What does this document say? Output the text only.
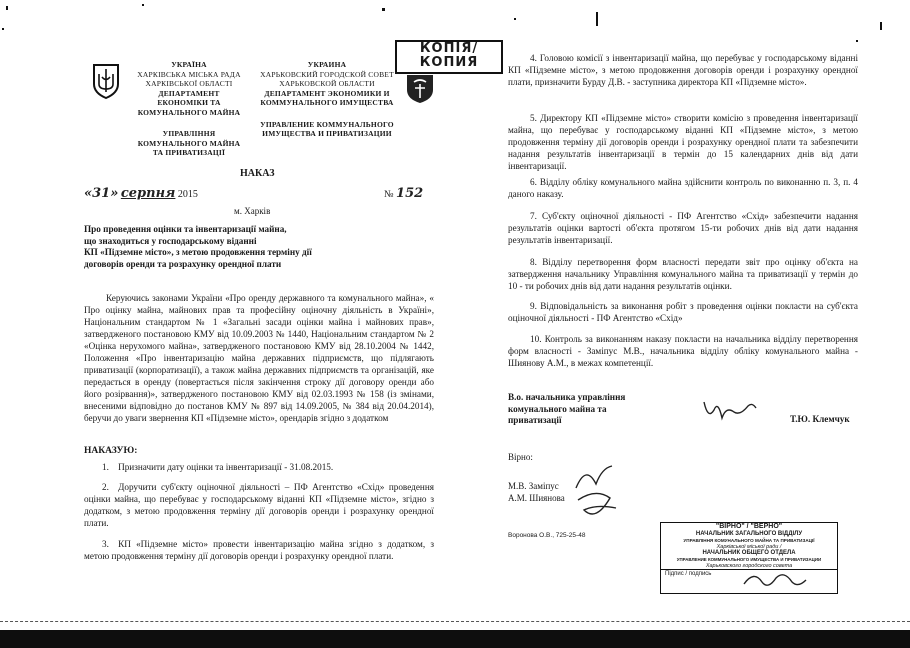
УКРАЇНА
ХАРКІВСЬКА МІСЬКА РАДА
ХАРКІВСЬКОЇ ОБЛАСТІ
ДЕПАРТАМЕНТ
ЕКОНОМІКИ ТА
КОМУНАЛЬНОГО МАЙНА
УПРАВЛІННЯ
КОМУНАЛЬНОГО МАЙНА
ТА ПРИВАТИЗАЦІЇ
УКРАИНА
ХАРЬКОВСКИЙ ГОРОДСКОЙ СОВЕТ
ХАРЬКОВСКОЙ ОБЛАСТИ
ДЕПАРТАМЕНТ ЭКОНОМИКИ И
КОММУНАЛЬНОГО ИМУЩЕСТВА
УПРАВЛЕНИЕ КОММУНАЛЬНОГО
ИМУЩЕСТВА И ПРИВАТИЗАЦИИ
КОПІЯ/
КОПИЯ
НАКАЗ
«31» серпня 2015	№ 152
м. Харків
Про проведення оцінки та інвентаризації майна,
що знаходиться у господарському віданні
КП «Підземне місто», з метою продовження терміну дії
договорів оренди та розрахунку орендної плати
Керуючись законами України «Про оренду державного та комунального майна», « Про оцінку майна, майнових прав та професійну оціночну діяльність в Україні», Національним стандартом № 1 «Загальні засади оцінки майна і майнових прав», затвердженого постановою КМУ від 10.09.2003 № 1440, Національним стандартом № 2 «Оцінка нерухомого майна», затвердженого постановою КМУ від 28.10.2004 № 1442, Положення «Про інвентаризацію майна державних підприємств, що підлягають приватизації (корпоратизації), а також майна державних підприємств та організацій, яке передається в оренду (повертається після закінчення строку дії договору оренди або його розірвання)», затвердженого постановою КМУ від 02.03.1993 № 158 (із змінами, внесеними відповідно до постанов КМУ № 897 від 14.09.2005, № 384 від 20.04.2014), беручи до уваги звернення КП «Підземне місто», орендарів згідно з додатком
НАКАЗУЮ:
1. Призначити дату оцінки та інвентаризації - 31.08.2015.
2. Доручити суб'єкту оціночної діяльності – ПФ Агентство «Схід» проведення оцінки майна, що перебуває у господарському віданні КП «Підземне місто», згідно з додатком, з метою продовження терміну дії договорів оренди і розрахунку орендної плати.
3. КП «Підземне місто» провести інвентаризацію майна згідно з додатком, з метою продовження терміну дії договорів оренди і розрахунку орендної плати.
4. Головою комісії з інвентаризації майна, що перебуває у господарському віданні КП «Підземне місто», з метою продовження договорів оренди і розрахунку орендної плати, призначити Бурду Д.В. - заступника директора КП «Підземне місто».
5. Директору КП «Підземне місто» створити комісію з проведення інвентаризації майна, що перебуває у господарському віданні КП «Підземне місто», з метою продовження терміну дії договорів оренди і розрахунку орендної плати та забезпечити надання результатів інвентаризації в термін до 15 календарних днів від дати інвентаризації.
6. Відділу обліку комунального майна здійснити контроль по виконанню п. 3, п. 4 даного наказу.
7. Суб'єкту оціночної діяльності - ПФ Агентство «Схід» забезпечити надання результатів оцінки вартості об'єкта протягом 15-ти робочих днів від дати надання результатів інвентаризації.
8. Відділу перетворення форм власності передати звіт про оцінку об'єкта на затвердження начальнику Управління комунального майна та приватизації у термін до 10 - ти робочих днів від дати надання результатів оцінки.
9. Відповідальність за виконання робіт з проведення оцінки покласти на суб'єкта оціночної діяльності - ПФ Агентство «Схід»
10. Контроль за виконанням наказу покласти на начальника відділу перетворення форм власності - Заміпус М.В., начальника відділу обліку комунального майна - Шиянову А.М., в межах компетенції.
В.о. начальника управління
комунального майна та
приватизації	Т.Ю. Клемчук
Вірно:
М.В. Заміпус
А.М. Шиянова
Воронова О.В., 725-25-48
"ВІРНО" / "ВЕРНО"
НАЧАЛЬНИК ЗАГАЛЬНОГО ВІДДІЛУ
УПРАВЛІННЯ КОМУНАЛЬНОГО МАЙНА ТА ПРИВАТИЗАЦІЇ
Харківської міської ради /
НАЧАЛЬНИК ОБЩЕГО ОТДЕЛА
УПРАВЛЕНИЕ КОММУНАЛЬНОГО ИМУЩЕСТВА И ПРИВАТИЗАЦИИ
Харьковского городского совета
Підпис / подпись
